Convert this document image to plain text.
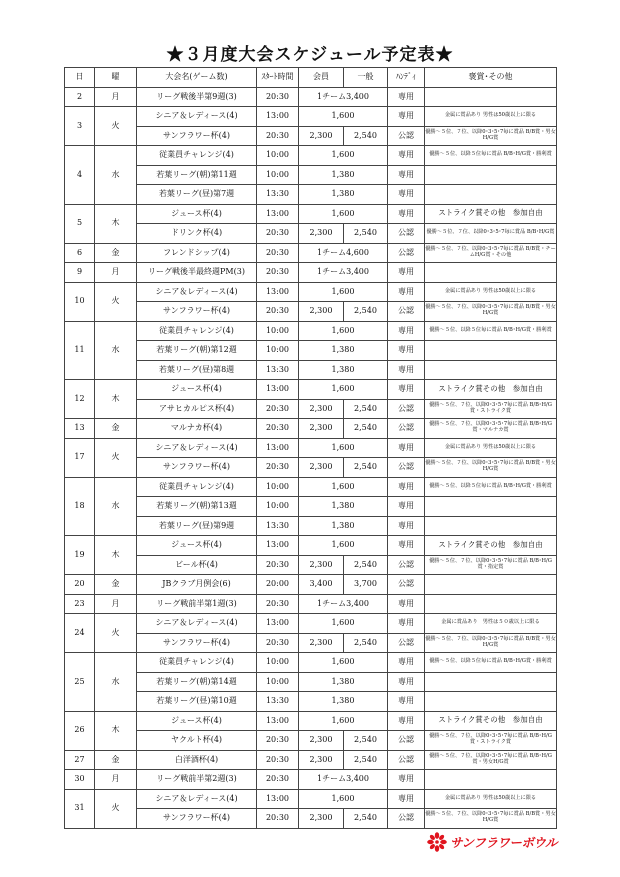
★３月度大会スケジュール予定表★
日	曜	大会名(ゲーム数)	ｽﾀｰﾄ時間	会員	一般	ﾊﾝﾃﾞｨ	褒賞･その他
2	月	リーグ戦後半第9週(3)	20:30	1チーム3,400		専用	
3	火	シニア＆レディース(4)	13:00	1,600		専用	金属に賞品あり 男性は50歳以上に限る
		サンフラワー杯(4)	20:30	2,300	2,540	公認	優勝～５位、７位、以降0･3･5･7毎に賞品 B/B賞・男女H/G賞
4	水	従業員チャレンジ(4)	10:00	1,600		専用	優勝～５位、以降５位毎に賞品 B/B･H/G賞・勝利賞
		若葉リーグ(朝)第11週	10:00	1,380		専用	
		若葉リーグ(昼)第7週	13:30	1,380		専用	
5	木	ジュース杯(4)	13:00	1,600		専用	ストライク賞その他　参加自由
		ドリンク杯(4)	20:30	2,300	2,540	公認	優勝～５位、７位、以降0･3･5･7毎に賞品 B/B･H/G賞
6	金	フレンドシップ(4)	20:30	1チーム4,600		公認	優勝～５位、７位、以降0･3･5･7毎に賞品 B/B賞・チームH/G賞・その他
9	月	リーグ戦後半最終週PM(3)	20:30	1チーム3,400		専用	
10	火	シニア＆レディース(4)	13:00	1,600		専用	金属に賞品あり 男性は50歳以上に限る
		サンフラワー杯(4)	20:30	2,300	2,540	公認	優勝～５位、７位、以降0･3･5･7毎に賞品 B/B賞・男女H/G賞
11	水	従業員チャレンジ(4)	10:00	1,600		専用	優勝～５位、以降５位毎に賞品 B/B･H/G賞・勝利賞
		若葉リーグ(朝)第12週	10:00	1,380		専用	
		若葉リーグ(昼)第8週	13:30	1,380		専用	
12	木	ジュース杯(4)	13:00	1,600		専用	ストライク賞その他　参加自由
		アサヒカルピス杯(4)	20:30	2,300	2,540	公認	優勝～５位、７位、以降0･3･5･7毎に賞品 B/B･H/G賞・ストライク賞
13	金	マルナカ杯(4)	20:30	2,300	2,540	公認	優勝～５位、７位、以降0･3･5･7毎に賞品 B/B･H/G賞・マルナカ賞
17	火	シニア＆レディース(4)	13:00	1,600		専用	金属に賞品あり 男性は50歳以上に限る
		サンフラワー杯(4)	20:30	2,300	2,540	公認	優勝～５位、７位、以降0･3･5･7毎に賞品 B/B賞・男女H/G賞
18	水	従業員チャレンジ(4)	10:00	1,600		専用	優勝～５位、以降５位毎に賞品 B/B･H/G賞・勝利賞
		若葉リーグ(朝)第13週	10:00	1,380		専用	
		若葉リーグ(昼)第9週	13:30	1,380		専用	
19	木	ジュース杯(4)	13:00	1,600		専用	ストライク賞その他　参加自由
		ビール杯(4)	20:30	2,300	2,540	公認	優勝～５位、７位、以降0･3･5･7毎に賞品 B/B･H/G賞・指定賞
20	金	JBクラブ月例会(6)	20:00	3,400	3,700	公認	
23	月	リーグ戦前半第1週(3)	20:30	1チーム3,400		専用	
24	火	シニア＆レディース(4)	13:00	1,600		専用	金属に賞品あり　男性は５０歳以上に限る
		サンフラワー杯(4)	20:30	2,300	2,540	公認	優勝～５位、７位、以降0･3･5･7毎に賞品 B/B賞・男女H/G賞
25	水	従業員チャレンジ(4)	10:00	1,600		専用	優勝～５位、以降５位毎に賞品 B/B･H/G賞・勝利賞
		若葉リーグ(朝)第14週	10:00	1,380		専用	
		若葉リーグ(昼)第10週	13:30	1,380		専用	
26	木	ジュース杯(4)	13:00	1,600		専用	ストライク賞その他　参加自由
		ヤクルト杯(4)	20:30	2,300	2,540	公認	優勝～５位、７位、以降0･3･5･7毎に賞品 B/B･H/G賞・ストライク賞
27	金	白洋酒杯(4)	20:30	2,300	2,540	公認	優勝～５位、７位、以降0･3･5･7毎に賞品 B/B･H/G賞・男女H/G賞
30	月	リーグ戦前半第2週(3)	20:30	1チーム3,400		専用	
31	火	シニア＆レディース(4)	13:00	1,600		専用	金属に賞品あり 男性は50歳以上に限る
		サンフラワー杯(4)	20:30	2,300	2,540	公認	優勝～５位、７位、以降0･3･5･7毎に賞品 B/B賞・男女H/G賞
サンフラワーボウル
